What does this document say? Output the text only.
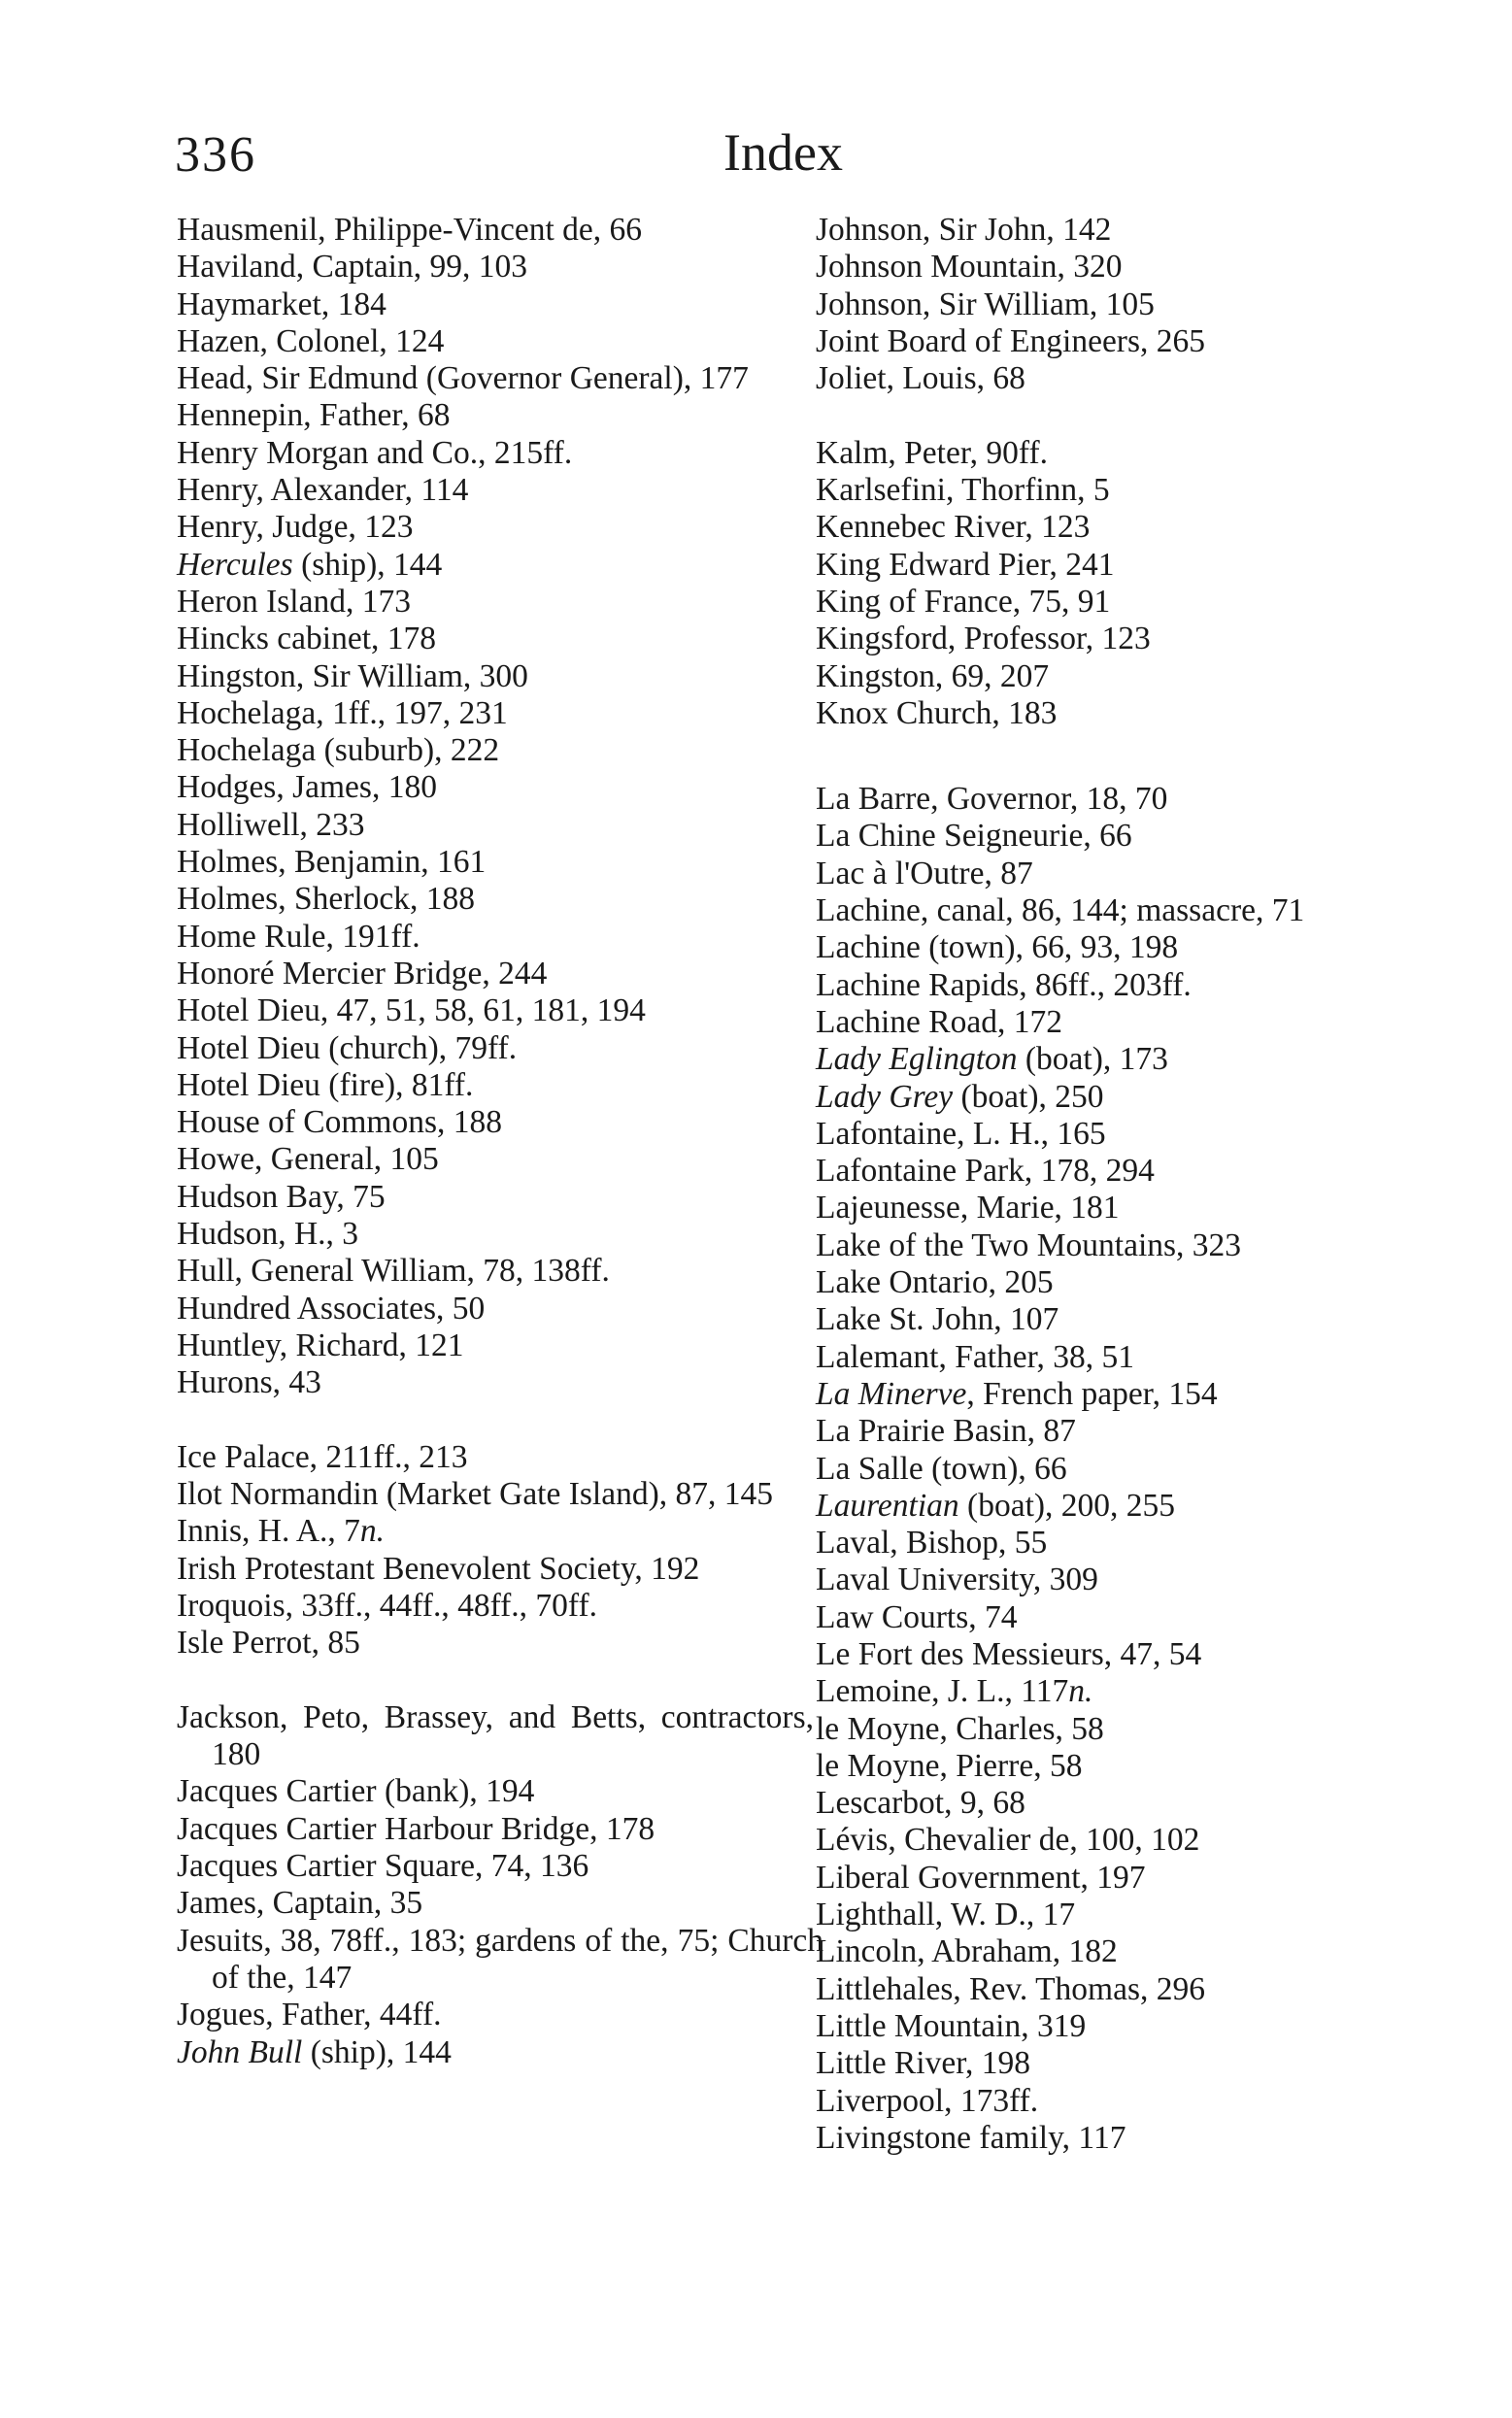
336	Index
Hausmenil, Philippe-Vincent de, 66
Haviland, Captain, 99, 103
Haymarket, 184
Hazen, Colonel, 124
Head, Sir Edmund (Governor General), 177
Hennepin, Father, 68
Henry Morgan and Co., 215ff.
Henry, Alexander, 114
Henry, Judge, 123
Hercules (ship), 144
Heron Island, 173
Hincks cabinet, 178
Hingston, Sir William, 300
Hochelaga, 1ff., 197, 231
Hochelaga (suburb), 222
Hodges, James, 180
Holliwell, 233
Holmes, Benjamin, 161
Holmes, Sherlock, 188
Home Rule, 191ff.
Honoré Mercier Bridge, 244
Hotel Dieu, 47, 51, 58, 61, 181, 194
Hotel Dieu (church), 79ff.
Hotel Dieu (fire), 81ff.
House of Commons, 188
Howe, General, 105
Hudson Bay, 75
Hudson, H., 3
Hull, General William, 78, 138ff.
Hundred Associates, 50
Huntley, Richard, 121
Hurons, 43
Ice Palace, 211ff., 213
Ilot Normandin (Market Gate Island), 87, 145
Innis, H. A., 7n.
Irish Protestant Benevolent Society, 192
Iroquois, 33ff., 44ff., 48ff., 70ff.
Isle Perrot, 85
Jackson, Peto, Brassey, and Betts, contractors, 180
Jacques Cartier (bank), 194
Jacques Cartier Harbour Bridge, 178
Jacques Cartier Square, 74, 136
James, Captain, 35
Jesuits, 38, 78ff., 183; gardens of the, 75; Church of the, 147
Jogues, Father, 44ff.
John Bull (ship), 144
Johnson, Sir John, 142
Johnson Mountain, 320
Johnson, Sir William, 105
Joint Board of Engineers, 265
Joliet, Louis, 68
Kalm, Peter, 90ff.
Karlsefini, Thorfinn, 5
Kennebec River, 123
King Edward Pier, 241
King of France, 75, 91
Kingsford, Professor, 123
Kingston, 69, 207
Knox Church, 183
La Barre, Governor, 18, 70
La Chine Seigneurie, 66
Lac à l'Outre, 87
Lachine, canal, 86, 144; massacre, 71
Lachine (town), 66, 93, 198
Lachine Rapids, 86ff., 203ff.
Lachine Road, 172
Lady Eglington (boat), 173
Lady Grey (boat), 250
Lafontaine, L. H., 165
Lafontaine Park, 178, 294
Lajeunesse, Marie, 181
Lake of the Two Mountains, 323
Lake Ontario, 205
Lake St. John, 107
Lalemant, Father, 38, 51
La Minerve, French paper, 154
La Prairie Basin, 87
La Salle (town), 66
Laurentian (boat), 200, 255
Laval, Bishop, 55
Laval University, 309
Law Courts, 74
Le Fort des Messieurs, 47, 54
Lemoine, J. L., 117n.
le Moyne, Charles, 58
le Moyne, Pierre, 58
Lescarbot, 9, 68
Lévis, Chevalier de, 100, 102
Liberal Government, 197
Lighthall, W. D., 17
Lincoln, Abraham, 182
Littlehales, Rev. Thomas, 296
Little Mountain, 319
Little River, 198
Liverpool, 173ff.
Livingstone family, 117
